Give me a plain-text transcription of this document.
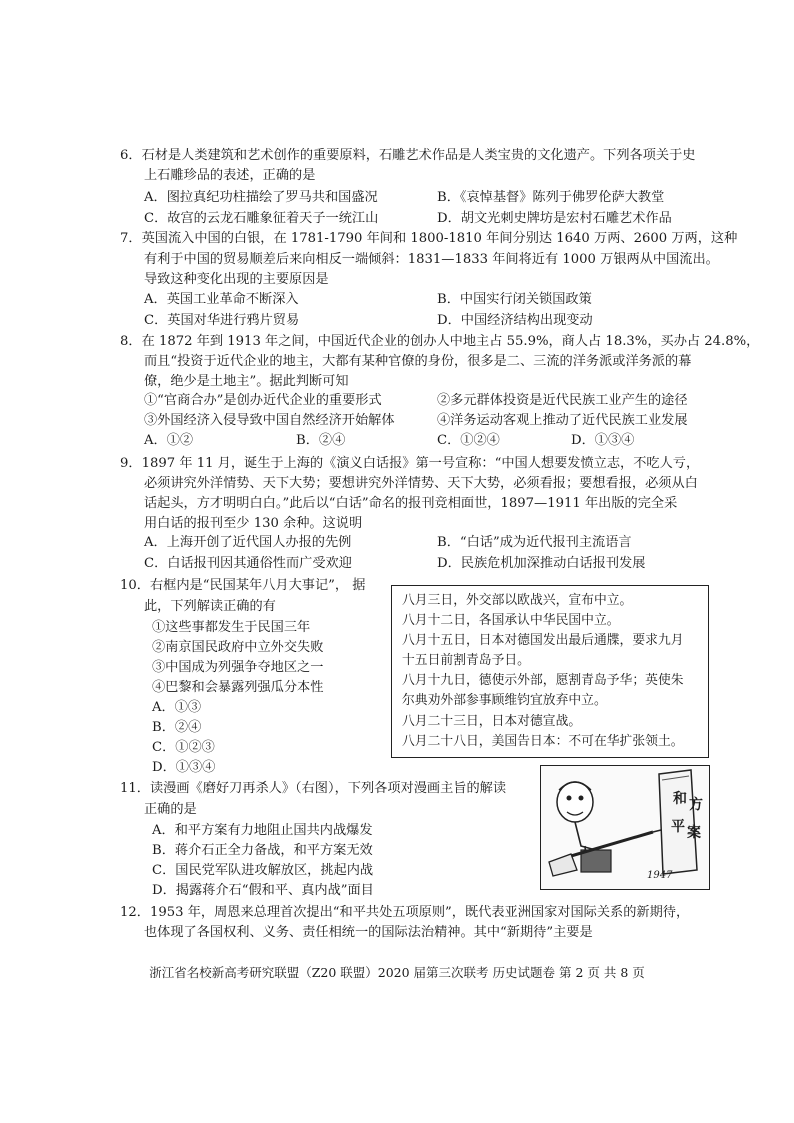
6．石材是人类建筑和艺术创作的重要原料，石雕艺术作品是人类宝贵的文化遗产。下列各项关于史
上石雕珍品的表述，正确的是
A．图拉真纪功柱描绘了罗马共和国盛况	B．《哀悼基督》陈列于佛罗伦萨大教堂
C．故宫的云龙石雕象征着天子一统江山	D．胡文光刺史牌坊是宏村石雕艺术作品
7．英国流入中国的白银，在 1781-1790 年间和 1800-1810 年间分别达 1640 万两、2600 万两，这种
有利于中国的贸易顺差后来向相反一端倾斜：1831—1833 年间将近有 1000 万银两从中国流出。
导致这种变化出现的主要原因是
A．英国工业革命不断深入	B．中国实行闭关锁国政策
C．英国对华进行鸦片贸易	D．中国经济结构出现变动
8．在 1872 年到 1913 年之间，中国近代企业的创办人中地主占 55.9%，商人占 18.3%，买办占 24.8%，
而且“投资于近代企业的地主，大都有某种官僚的身份，很多是二、三流的洋务派或洋务派的幕
僚，绝少是土地主”。据此判断可知
①“官商合办”是创办近代企业的重要形式	②多元群体投资是近代民族工业产生的途径
③外国经济入侵导致中国自然经济开始解体	④洋务运动客观上推动了近代民族工业发展
A．①②	B．②④	C．①②④	D．①③④
9．1897 年 11 月，诞生于上海的《演义白话报》第一号宣称：“中国人想要发愤立志，不吃人亏，
必须讲究外洋情势、天下大势；要想讲究外洋情势、天下大势，必须看报；要想看报，必须从白
话起头，方才明明白白。”此后以“白话”命名的报刊竞相面世，1897—1911 年出版的完全采
用白话的报刊至少 130 余种。这说明
A．上海开创了近代国人办报的先例	B．“白话”成为近代报刊主流语言
C．白话报刊因其通俗性而广受欢迎	D．民族危机加深推动白话报刊发展
10．右框内是“民国某年八月大事记”， 据
此，下列解读正确的有
①这些事都发生于民国三年
②南京国民政府中立外交失败
③中国成为列强争夺地区之一
④巴黎和会暴露列强瓜分本性
A．①③
B．②④
C．①②③
D．①③④
八月三日，外交部以欧战兴，宣布中立。
八月十二日，各国承认中华民国中立。
八月十五日，日本对德国发出最后通牒，要求九月
十五日前割青岛予日。
八月十九日，德使示外部，愿割青岛予华；英使朱
尔典劝外部参事顾维钧宜放弃中立。
八月二十三日，日本对德宣战。
八月二十八日，美国告日本：不可在华扩张领土。
11．读漫画《磨好刀再杀人》（右图），下列各项对漫画主旨的解读
正确的是
A．和平方案有力地阻止国共内战爆发
B．蒋介石正全力备战，和平方案无效
C．国民党军队进攻解放区，挑起内战
D．揭露蒋介石“假和平、真内战”面目
和 方
平 案
1947
12．1953 年，周恩来总理首次提出“和平共处五项原则”，既代表亚洲国家对国际关系的新期待，
也体现了各国权利、义务、责任相统一的国际法治精神。其中“新期待”主要是
浙江省名校新高考研究联盟（Z20 联盟）2020 届第三次联考 历史试题卷 第 2 页 共 8 页
